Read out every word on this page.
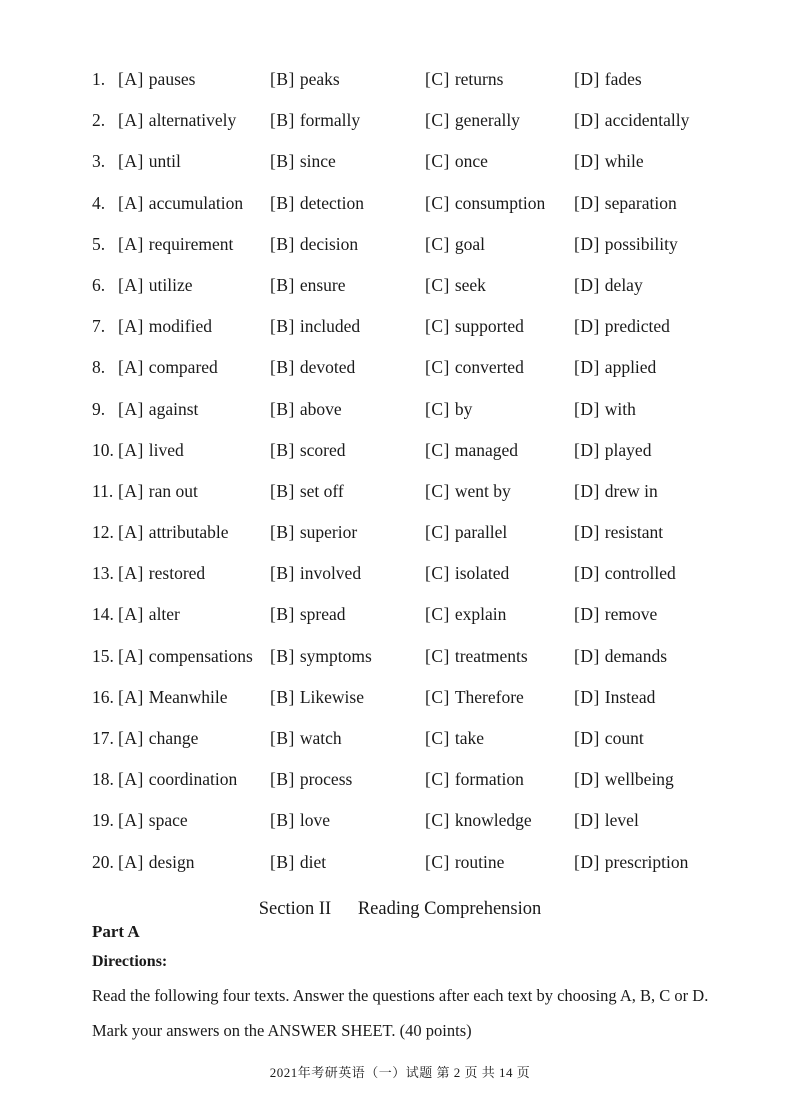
1. [A] pauses	[B] peaks	[C] returns	[D] fades
2. [A] alternatively [B] formally	[C] generally	[D] accidentally
3. [A] until	[B] since	[C] once	[D] while
4. [A] accumulation [B] detection	[C] consumption [D] separation
5. [A] requirement [B] decision	[C] goal	[D] possibility
6. [A] utilize	[B] ensure	[C] seek	[D] delay
7. [A] modified	[B] included	[C] supported	[D] predicted
8. [A] compared	[B] devoted	[C] converted	[D] applied
9. [A] against	[B] above	[C] by	[D] with
10. [A] lived	[B] scored	[C] managed	[D] played
11. [A] ran out	[B] set off	[C] went by	[D] drew in
12. [A] attributable [B] superior	[C] parallel	[D] resistant
13. [A] restored	[B] involved	[C] isolated	[D] controlled
14. [A] alter	[B] spread	[C] explain	[D] remove
15. [A] compensations [B] symptoms	[C] treatments	[D] demands
16. [A] Meanwhile [B] Likewise	[C] Therefore	[D] Instead
17. [A] change	[B] watch	[C] take	[D] count
18. [A] coordination [B] process	[C] formation	[D] wellbeing
19. [A] space	[B] love	[C] knowledge [D] level
20. [A] design	[B] diet	[C] routine	[D] prescription
Section II Reading Comprehension
Part A
Directions:
Read the following four texts. Answer the questions after each text by choosing A, B, C or D. Mark your answers on the ANSWER SHEET. (40 points)
2021年考研英语（一）试题 第 2 页 共 14 页
